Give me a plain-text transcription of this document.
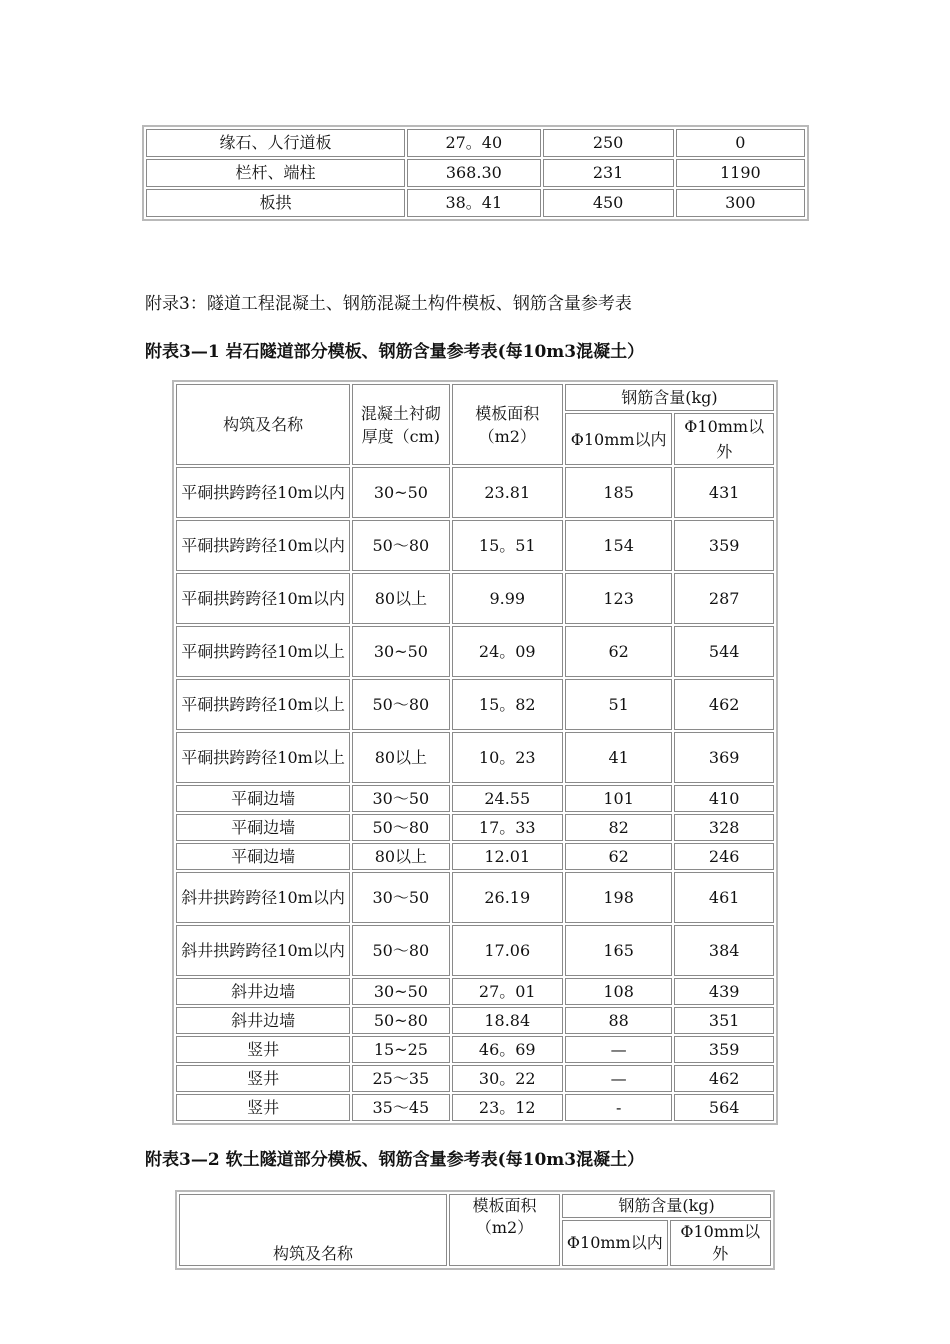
缘石、人行道板	27。40	250	0
栏杆、端柱	368.30	231	1190
板拱	38。41	450	300
附录3：隧道工程混凝土、钢筋混凝土构件模板、钢筋含量参考表
附表3—1 岩石隧道部分模板、钢筋含量参考表(每10m3混凝土）
构筑及名称	混凝土衬砌厚度（cm)	模板面积（m2）	钢筋含量(kg)	
			Φ10mm以内	Φ10mm以外
平硐拱跨跨径10m以内	30~50	23.81	185	431
平硐拱跨跨径10m以内	50～80	15。51	154	359
平硐拱跨跨径10m以内	80以上	9.99	123	287
平硐拱跨跨径10m以上	30~50	24。09	62	544
平硐拱跨跨径10m以上	50～80	15。82	51	462
平硐拱跨跨径10m以上	80以上	10。23	41	369
平硐边墙	30～50	24.55	101	410
平硐边墙	50～80	17。33	82	328
平硐边墙	80以上	12.01	62	246
斜井拱跨跨径10m以内	30～50	26.19	198	461
斜井拱跨跨径10m以内	50～80	17.06	165	384
斜井边墙	30~50	27。01	108	439
斜井边墙	50~80	18.84	88	351
竖井	15~25	46。69	—	359
竖井	25～35	30。22	—	462
竖井	35～45	23。12	-	564
附表3—2 软土隧道部分模板、钢筋含量参考表(每10m3混凝土）
构筑及名称	模板面积（m2）	钢筋含量(kg)	
		Φ10mm以内	Φ10mm以外
